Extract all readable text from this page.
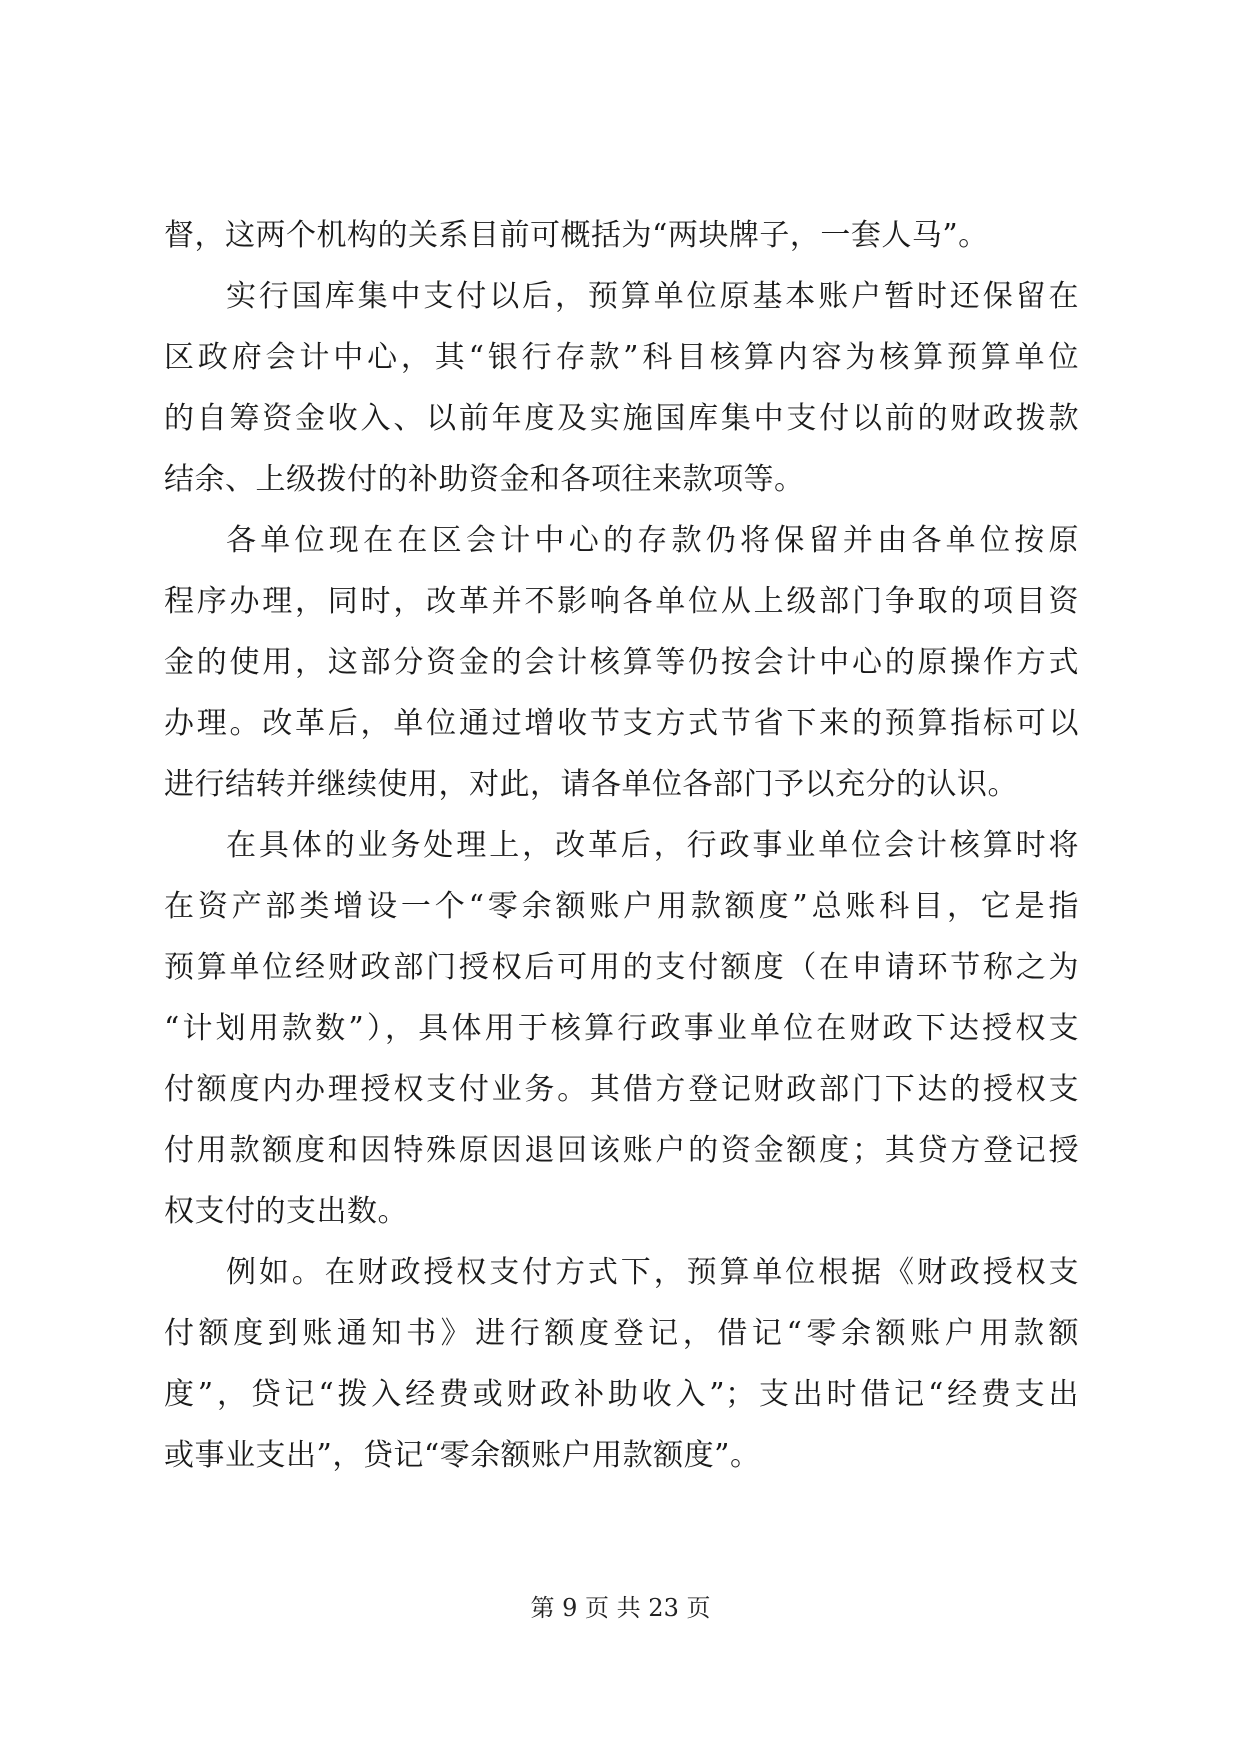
督，这两个机构的关系目前可概括为“两块牌子，一套人马”。
实行国库集中支付以后，预算单位原基本账户暂时还保留在
区政府会计中心，其“银行存款”科目核算内容为核算预算单位
的自筹资金收入、以前年度及实施国库集中支付以前的财政拨款
结余、上级拨付的补助资金和各项往来款项等。
各单位现在在区会计中心的存款仍将保留并由各单位按原
程序办理，同时，改革并不影响各单位从上级部门争取的项目资
金的使用，这部分资金的会计核算等仍按会计中心的原操作方式
办理。改革后，单位通过增收节支方式节省下来的预算指标可以
进行结转并继续使用，对此，请各单位各部门予以充分的认识。
在具体的业务处理上，改革后，行政事业单位会计核算时将
在资产部类增设一个“零余额账户用款额度”总账科目，它是指
预算单位经财政部门授权后可用的支付额度（在申请环节称之为
“计划用款数”），具体用于核算行政事业单位在财政下达授权支
付额度内办理授权支付业务。其借方登记财政部门下达的授权支
付用款额度和因特殊原因退回该账户的资金额度；其贷方登记授
权支付的支出数。
例如。在财政授权支付方式下，预算单位根据《财政授权支
付额度到账通知书》进行额度登记，借记“零余额账户用款额
度”，贷记“拨入经费或财政补助收入”；支出时借记“经费支出
或事业支出”，贷记“零余额账户用款额度”。
第 9 页 共 23 页
